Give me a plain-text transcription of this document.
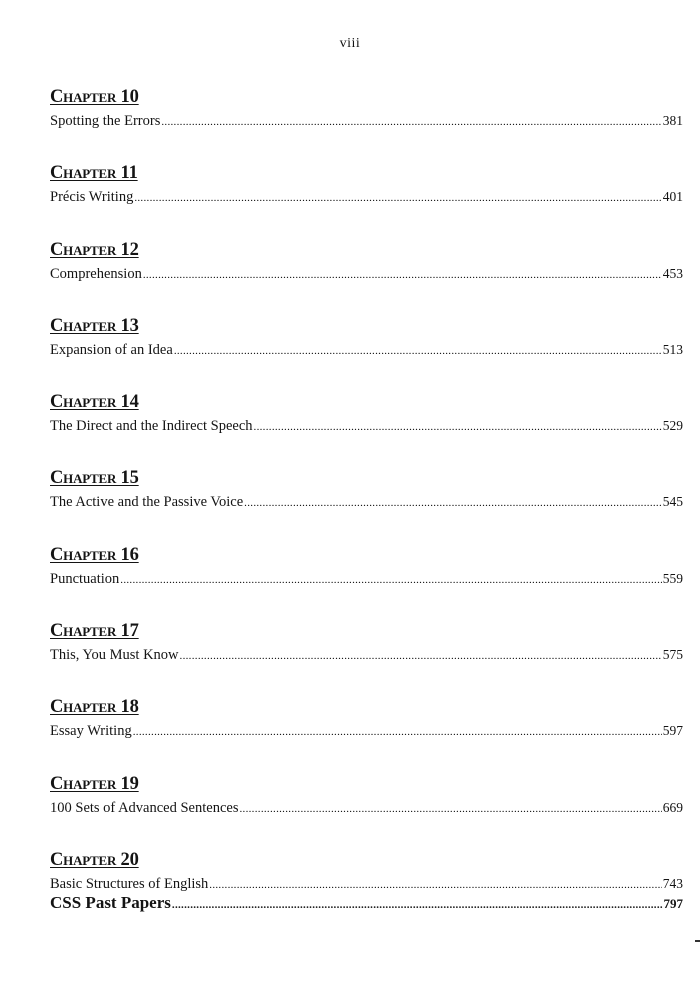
viii
Chapter 10
Spotting the Errors .....	381
Chapter 11
Précis Writing .....	401
Chapter 12
Comprehension .....	453
Chapter 13
Expansion of an Idea .....	513
Chapter 14
The Direct and the Indirect Speech .....	529
Chapter 15
The Active and the Passive Voice .....	545
Chapter 16
Punctuation .....	559
Chapter 17
This, You Must Know .....	575
Chapter 18
Essay Writing .....	597
Chapter 19
100 Sets of Advanced Sentences .....	669
Chapter 20
Basic Structures of English .....	743
CSS Past Papers .....	797
